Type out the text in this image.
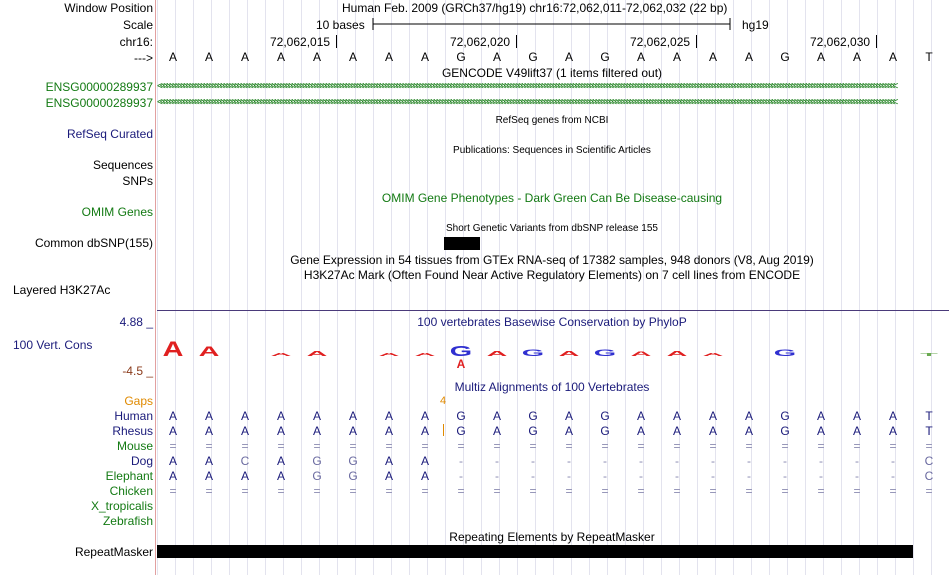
Window Position	Human Feb. 2009 (GRCh37/hg19) chr16:72,062,011-72,062,032 (22 bp)
Scale	10 bases	hg19
chr16:	72,062,015	72,062,020	72,062,025	72,062,030
---> A A A A A A A A G A G A G A A A A G A A A T
GENCODE V49lift37 (1 items filtered out)
ENSG00000289937 <<<<<<<<<<<<<<<<<<<<<<<<<<<<<<<<<<<<<<<<<<<<<<<<<<<<<<<<<<<<<<<<<<<<<<<<<<<<<<<<<<<<<<<<<<<<<<<<<<<<<<<<<<<<<<<<<<<<<<<<<<<<<<<<<<<<<<<<<<<<<<<<<<<<<<<<<<<<<<<<<<<<<<<<<<<<<<<<<<<<<<<<<<<<<<<<<<<<<<<<<<<<<<<<<<<<<<<<<<<<<<<<<<<<<<<<<<<<<<<<<<<<<<<<<<<<<<<<<<<<
ENSG00000289937 <<<<<<<<<<<<<<<<<<<<<<<<<<<<<<<<<<<<<<<<<<<<<<<<<<<<<<<<<<<<<<<<<<<<<<<<<<<<<<<<<<<<<<<<<<<<<<<<<<<<<<<<<<<<<<<<<<<<<<<<<<<<<<<<<<<<<<<<<<<<<<<<<<<<<<<<<<<<<<<<<<<<<<<<<<<<<<<<<<<<<<<<<<<<<<<<<<<<<<<<<<<<<<<<<<<<<<<<<<<<<<<<<<<<<<<<<<<<<<<<<<<<<<<<<<<<<<<<<<<<
RefSeq genes from NCBI
RefSeq Curated
Publications: Sequences in Scientific Articles
Sequences
SNPs
OMIM Gene Phenotypes - Dark Green Can Be Disease-causing
OMIM Genes
Short Genetic Variants from dbSNP release 155
Common dbSNP(155)
Gene Expression in 54 tissues from GTEx RNA-seq of 17382 samples, 948 donors (V8, Aug 2019)
H3K27Ac Mark (Often Found Near Active Regulatory Elements) on 7 cell lines from ENCODE
Layered H3K27Ac
100 vertebrates Basewise Conservation by PhyloP
4.88 _
100 Vert. Cons
-4.5 _
A A	A A	A A G A G A G A A A	G	T
A
Multiz Alignments of 100 Vertebrates
Gaps	4
Human A A A A A A A A G A G A G A A A A G A A A T
Rhesus A A A A A A A A G A G A G A A A A G A A A T
Mouse = = = = = = = = = = = = = = = = = = = = = =
Dog A A C A G G A A	-	-	-	-	-	-	-	-	-	-	-	-	-	C
Elephant A A A A G G A A	-	-	-	-	-	-	-	-	-	-	-	-	-	C
Chicken = = = = = = = = = = = = = = = = = = = = = =
X_tropicalis
Zebrafish
Repeating Elements by RepeatMasker
RepeatMasker
